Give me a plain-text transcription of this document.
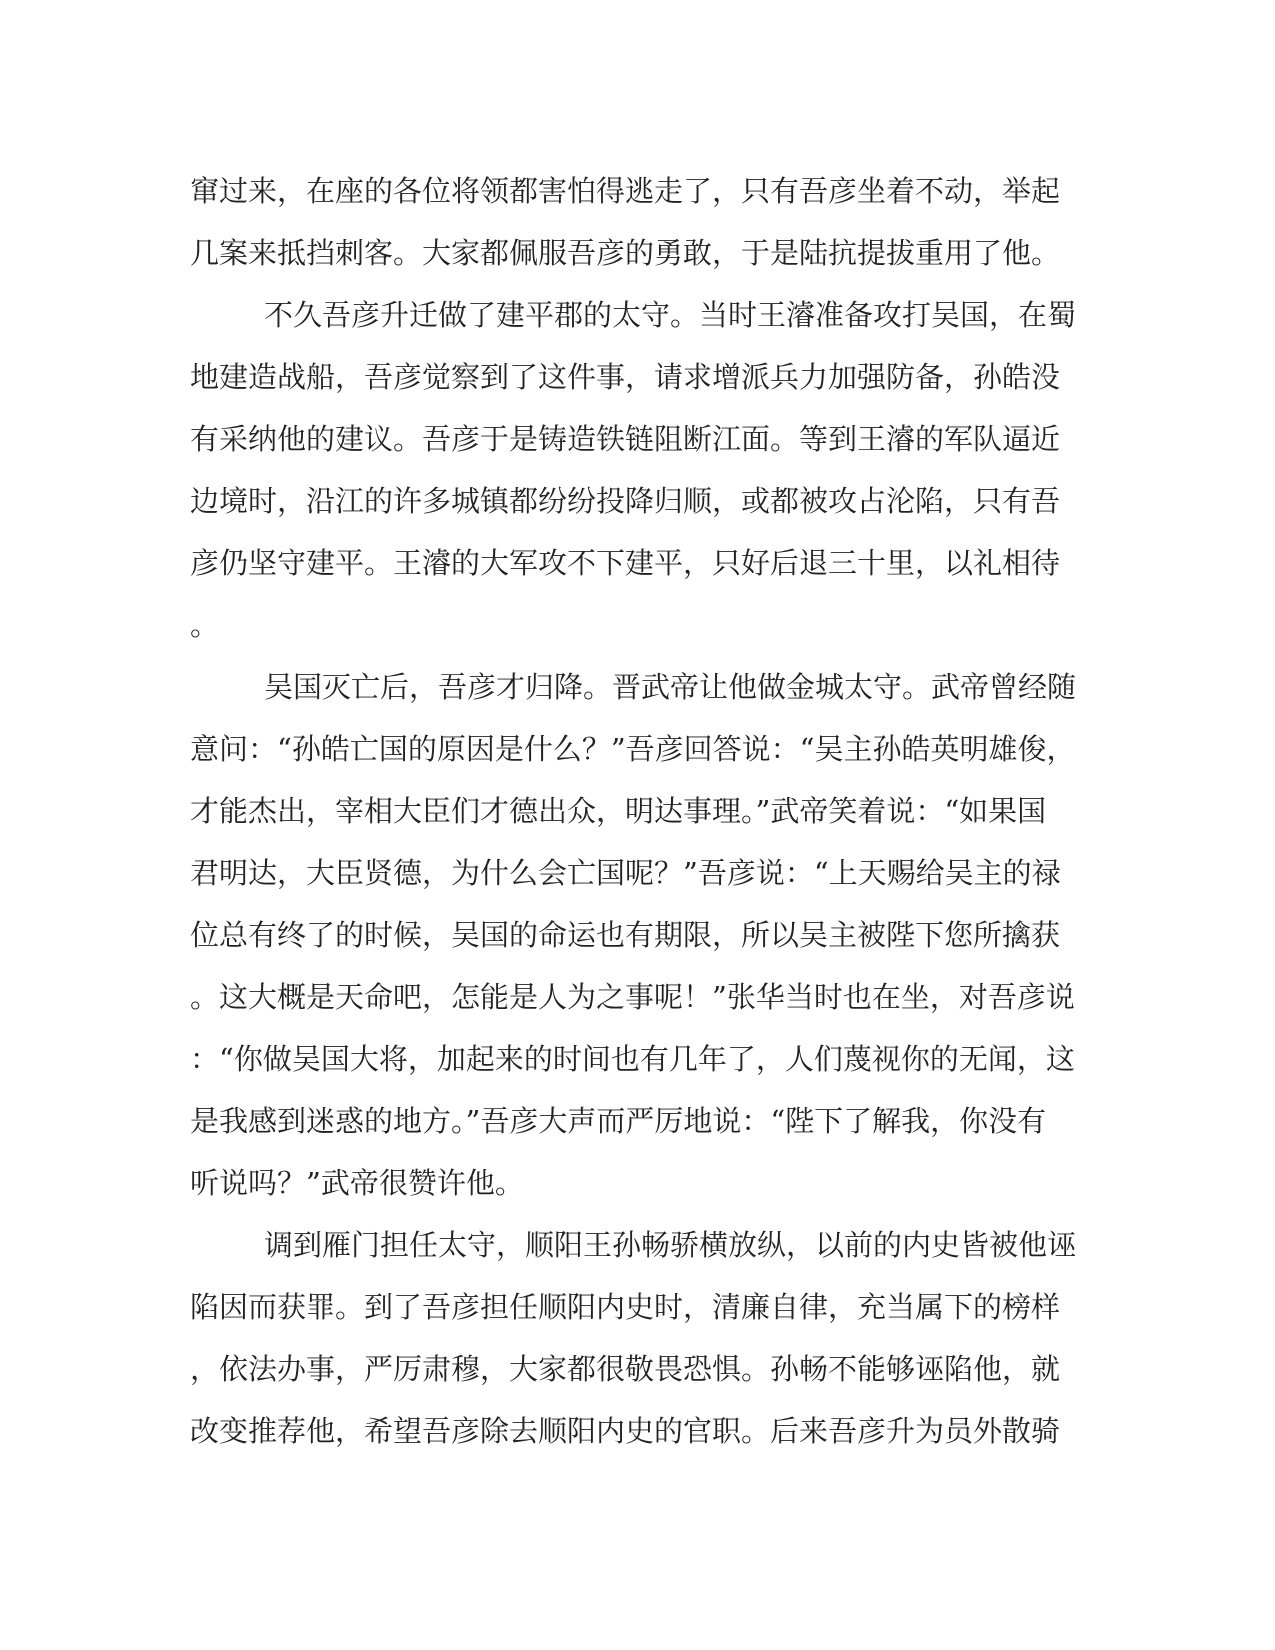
窜过来，在座的各位将领都害怕得逃走了，只有吾彦坐着不动，举起
几案来抵挡刺客。大家都佩服吾彦的勇敢，于是陆抗提拔重用了他。
不久吾彦升迁做了建平郡的太守。当时王濬准备攻打吴国，在蜀
地建造战船，吾彦觉察到了这件事，请求增派兵力加强防备，孙皓没
有采纳他的建议。吾彦于是铸造铁链阻断江面。等到王濬的军队逼近
边境时，沿江的许多城镇都纷纷投降归顺，或都被攻占沦陷，只有吾
彦仍坚守建平。王濬的大军攻不下建平，只好后退三十里，以礼相待
。
吴国灭亡后，吾彦才归降。晋武帝让他做金城太守。武帝曾经随
意问：“孙皓亡国的原因是什么？”吾彦回答说：“吴主孙皓英明雄俊，
才能杰出，宰相大臣们才德出众，明达事理。”武帝笑着说：“如果国
君明达，大臣贤德，为什么会亡国呢？”吾彦说：“上天赐给吴主的禄
位总有终了的时候，吴国的命运也有期限，所以吴主被陛下您所擒获
。这大概是天命吧，怎能是人为之事呢！”张华当时也在坐，对吾彦说
：“你做吴国大将，加起来的时间也有几年了，人们蔑视你的无闻，这
是我感到迷惑的地方。”吾彦大声而严厉地说：“陛下了解我，你没有
听说吗？”武帝很赞许他。
调到雁门担任太守，顺阳王孙畅骄横放纵，以前的内史皆被他诬
陷因而获罪。到了吾彦担任顺阳内史时，清廉自律，充当属下的榜样
，依法办事，严厉肃穆，大家都很敬畏恐惧。孙畅不能够诬陷他，就
改变推荐他，希望吾彦除去顺阳内史的官职。后来吾彦升为员外散骑
